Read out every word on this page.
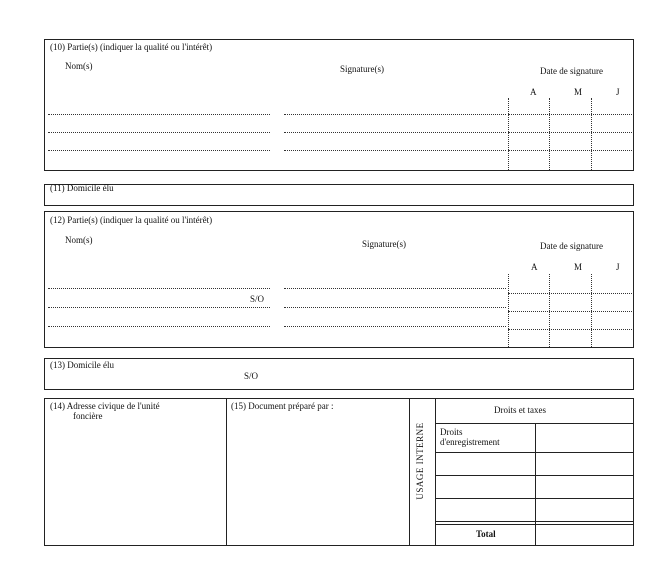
(10) Partie(s) (indiquer la qualité ou l'intérêt)
Nom(s)	Signature(s)	Date de signature
A	M	J
(11) Domicile élu
(12) Partie(s) (indiquer la qualité ou l'intérêt)
Nom(s)	Signature(s)	Date de signature
A	M	J
S/O
(13) Domicile élu
S/O
(14) Adresse civique de l'unité
foncière
(15) Document préparé par :
USAGE INTERNE
Droits et taxes
Droits
d'enregistrement
Total
